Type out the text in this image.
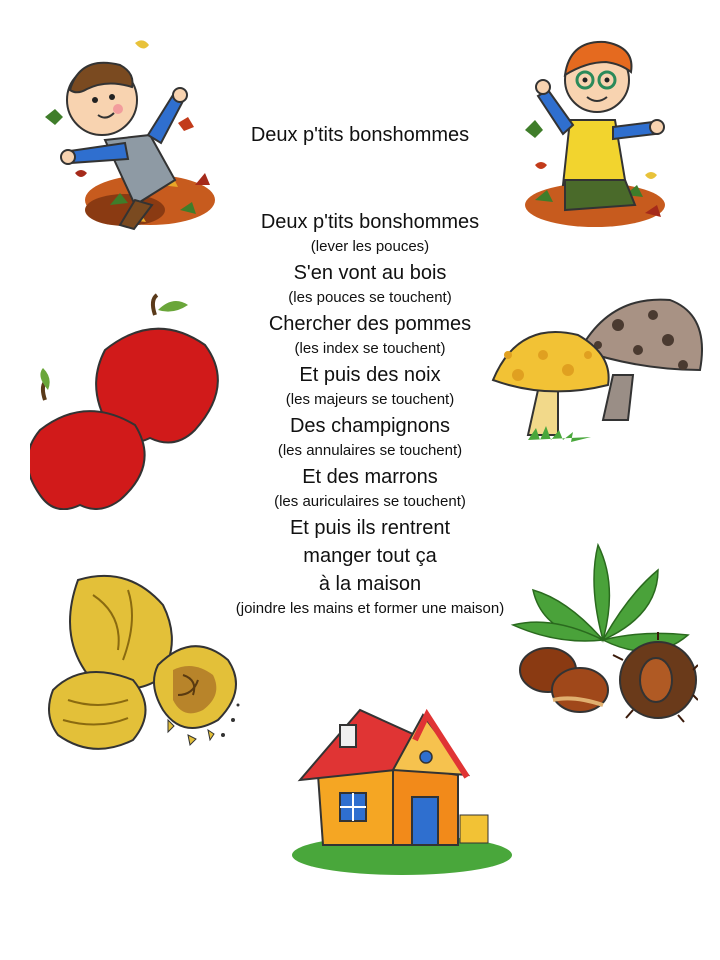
Deux p'tits bonshommes
Deux p'tits bonshommes
(lever les pouces)
S'en vont au bois
(les pouces se touchent)
Chercher des pommes
(les index se touchent)
Et puis des noix
(les majeurs se touchent)
Des champignons
(les annulaires se touchent)
Et des marrons
(les auriculaires se touchent)
Et puis ils rentrent
manger tout ça
à la maison
(joindre les mains et former une maison)
